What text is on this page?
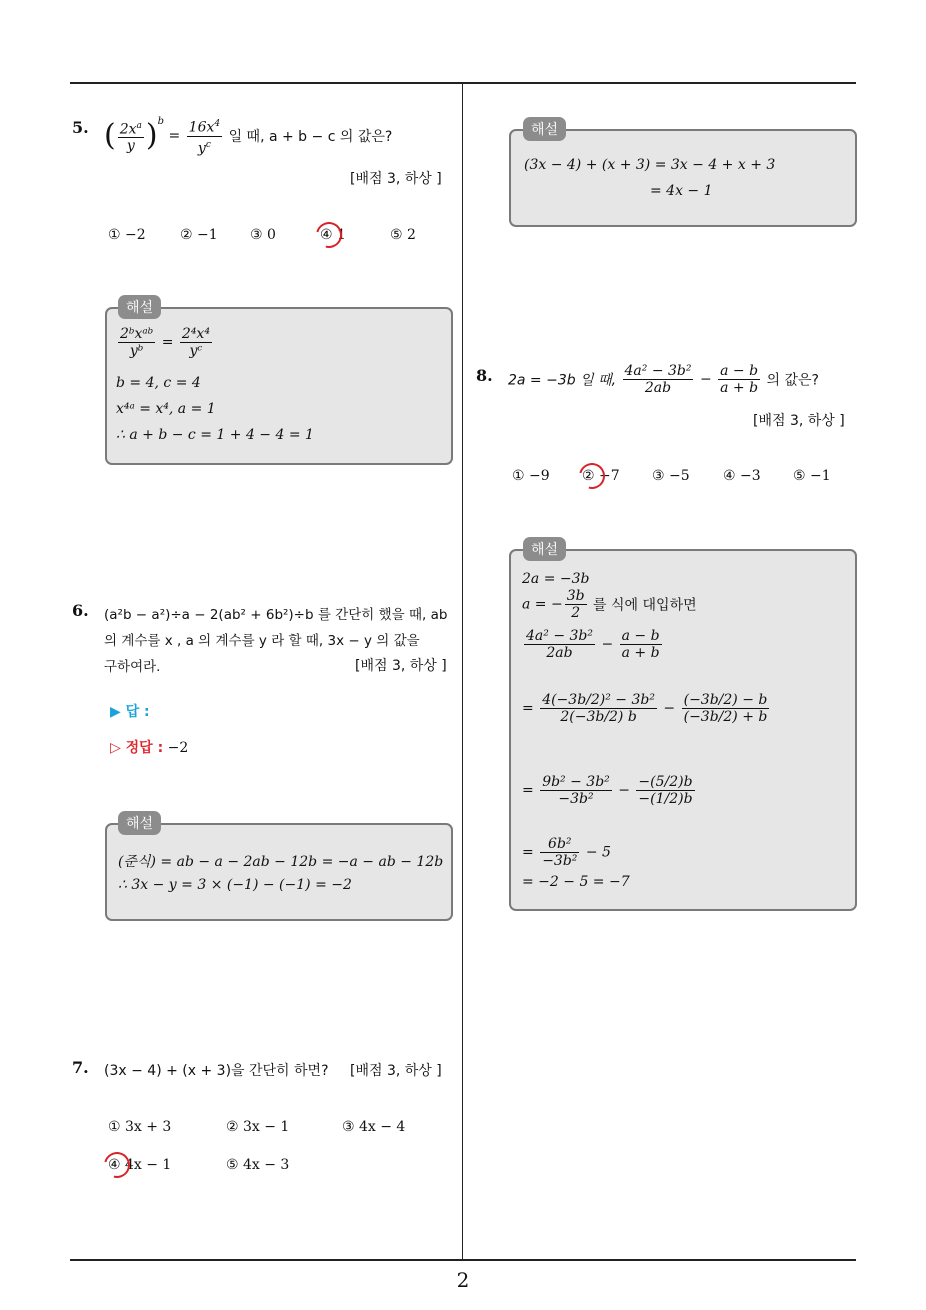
5. ( $\frac{2x^a}{y} )^b = \frac{16x^4}{y^c}$ 일 때, a + b − c 의 값은?
[배점 3, 하상 ]
① −2 ② −1 ③ 0	④ 1	⑤ 2
해설
$\frac{\text{2ᵇxᵃᵇ}}{\text{yᵇ}} = \frac{\text{2⁴x⁴}}{\text{yᶜ}}$
b = 4, c = 4
x⁴ᵃ = x⁴, a = 1
∴ a + b − c = 1 + 4 − 4 = 1
6. (a²b − a²)÷a − 2(ab² + 6b²)÷b 를 간단히 했을 때, ab
의 계수를 x , a 의 계수를 y 라 할 때, 3x − y 의 값을
구하여라.	[배점 3, 하상 ]
▶ 답 :
▷ 정답 : −2
해설
(준식) = ab − a − 2ab − 12b = −a − ab − 12b
∴ 3x − y = 3 × (−1) − (−1) = −2
7. (3x − 4) + (x + 3)을 간단히 하면? [배점 3, 하상 ]
① 3x + 3	② 3x − 1	③ 4x − 4
④ 4x − 1	⑤ 4x − 3
해설
(3x − 4) + (x + 3) = 3x − 4 + x + 3
= 4x − 1
8. 2a = −3b 일 때, $\frac{\text{4a² − 3b²}}{2ab} - \frac{a - b}{a + b}$ 의 값은?
[배점 3, 하상 ]
① −9 ② −7 ③ −5 ④ −3 ⑤ −1
해설
2a = −3b
a = − $\frac{3b}{2}$ 를 식에 대입하면
$\frac{\text{4a² − 3b²}}{2ab} - \frac{a - b}{a + b}$
= $\frac{\text{4(−3b/2)² − 3b²}}{2(-3b/2) b} - \frac{(-3b/2) - b}{(-3b/2) + b}$
= $\frac{\text{9b² − 3b²}}{\text{−3b²}} - \frac{-(5/2)b}{-(1/2)b}$
= $\frac{\text{6b²}}{\text{−3b²}} - 5$
= −2 − 5 = −7
2
